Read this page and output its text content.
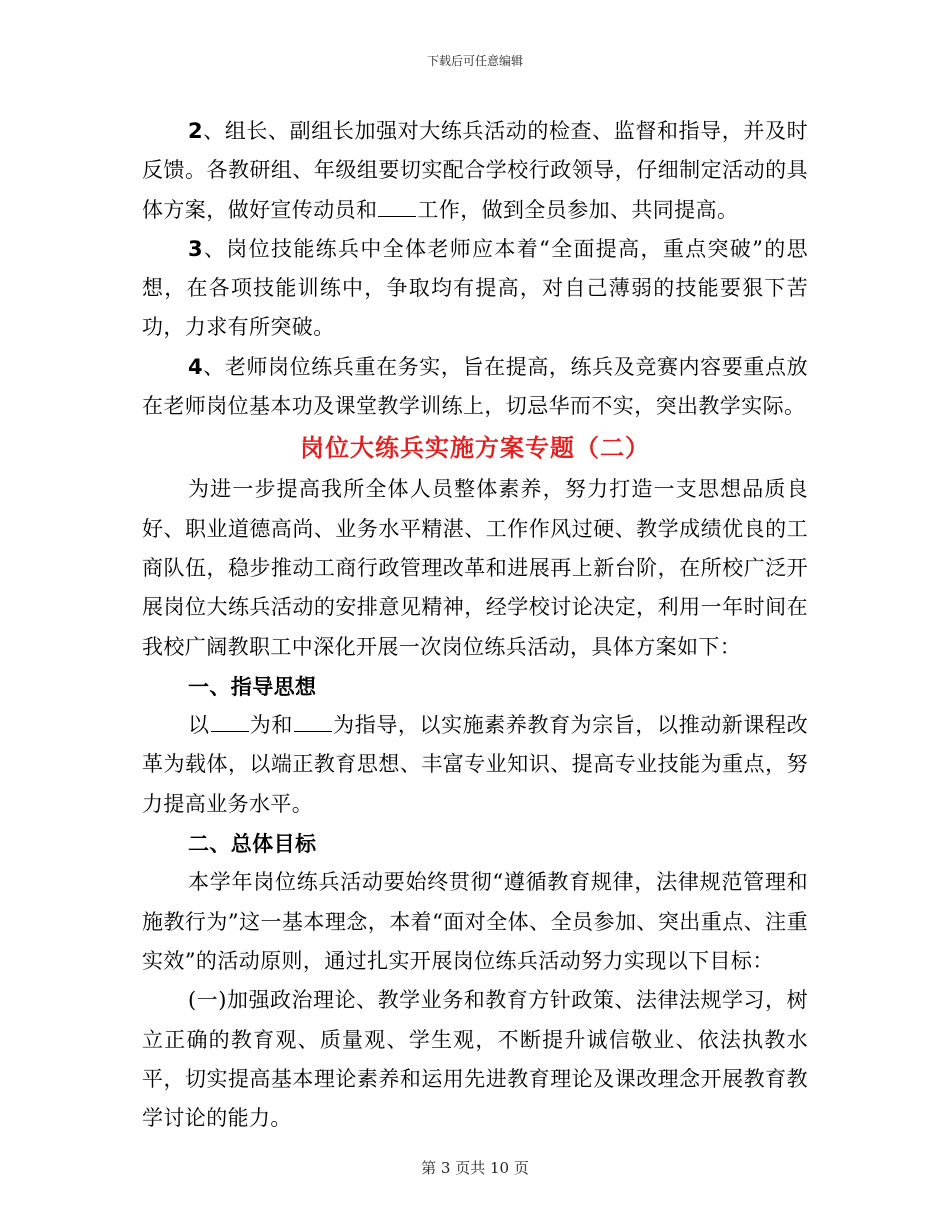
下载后可任意编辑

2、组长、副组长加强对大练兵活动的检查、监督和指导，并及时反馈。各教研组、年级组要切实配合学校行政领导，仔细制定活动的具体方案，做好宣传动员和 工作，做到全员参加、共同提高。

3、岗位技能练兵中全体老师应本着“全面提高，重点突破”的思想，在各项技能训练中，争取均有提高，对自己薄弱的技能要狠下苦功，力求有所突破。

4、老师岗位练兵重在务实，旨在提高，练兵及竞赛内容要重点放在老师岗位基本功及课堂教学训练上，切忌华而不实，突出教学实际。

岗位大练兵实施方案专题（二）

为进一步提高我所全体人员整体素养，努力打造一支思想品质良好、职业道德高尚、业务水平精湛、工作作风过硬、教学成绩优良的工商队伍，稳步推动工商行政管理改革和进展再上新台阶，在所校广泛开展岗位大练兵活动的安排意见精神，经学校讨论决定，利用一年时间在我校广阔教职工中深化开展一次岗位练兵活动，具体方案如下：

一、指导思想

以 为和 为指导，以实施素养教育为宗旨，以推动新课程改革为载体，以端正教育思想、丰富专业知识、提高专业技能为重点，努力提高业务水平。

二、总体目标

本学年岗位练兵活动要始终贯彻“遵循教育规律，法律规范管理和施教行为”这一基本理念，本着“面对全体、全员参加、突出重点、注重实效”的活动原则，通过扎实开展岗位练兵活动努力实现以下目标：

(一)加强政治理论、教学业务和教育方针政策、法律法规学习，树立正确的教育观、质量观、学生观，不断提升诚信敬业、依法执教水平，切实提高基本理论素养和运用先进教育理论及课改理念开展教育教学讨论的能力。

第 3 页共 10 页
